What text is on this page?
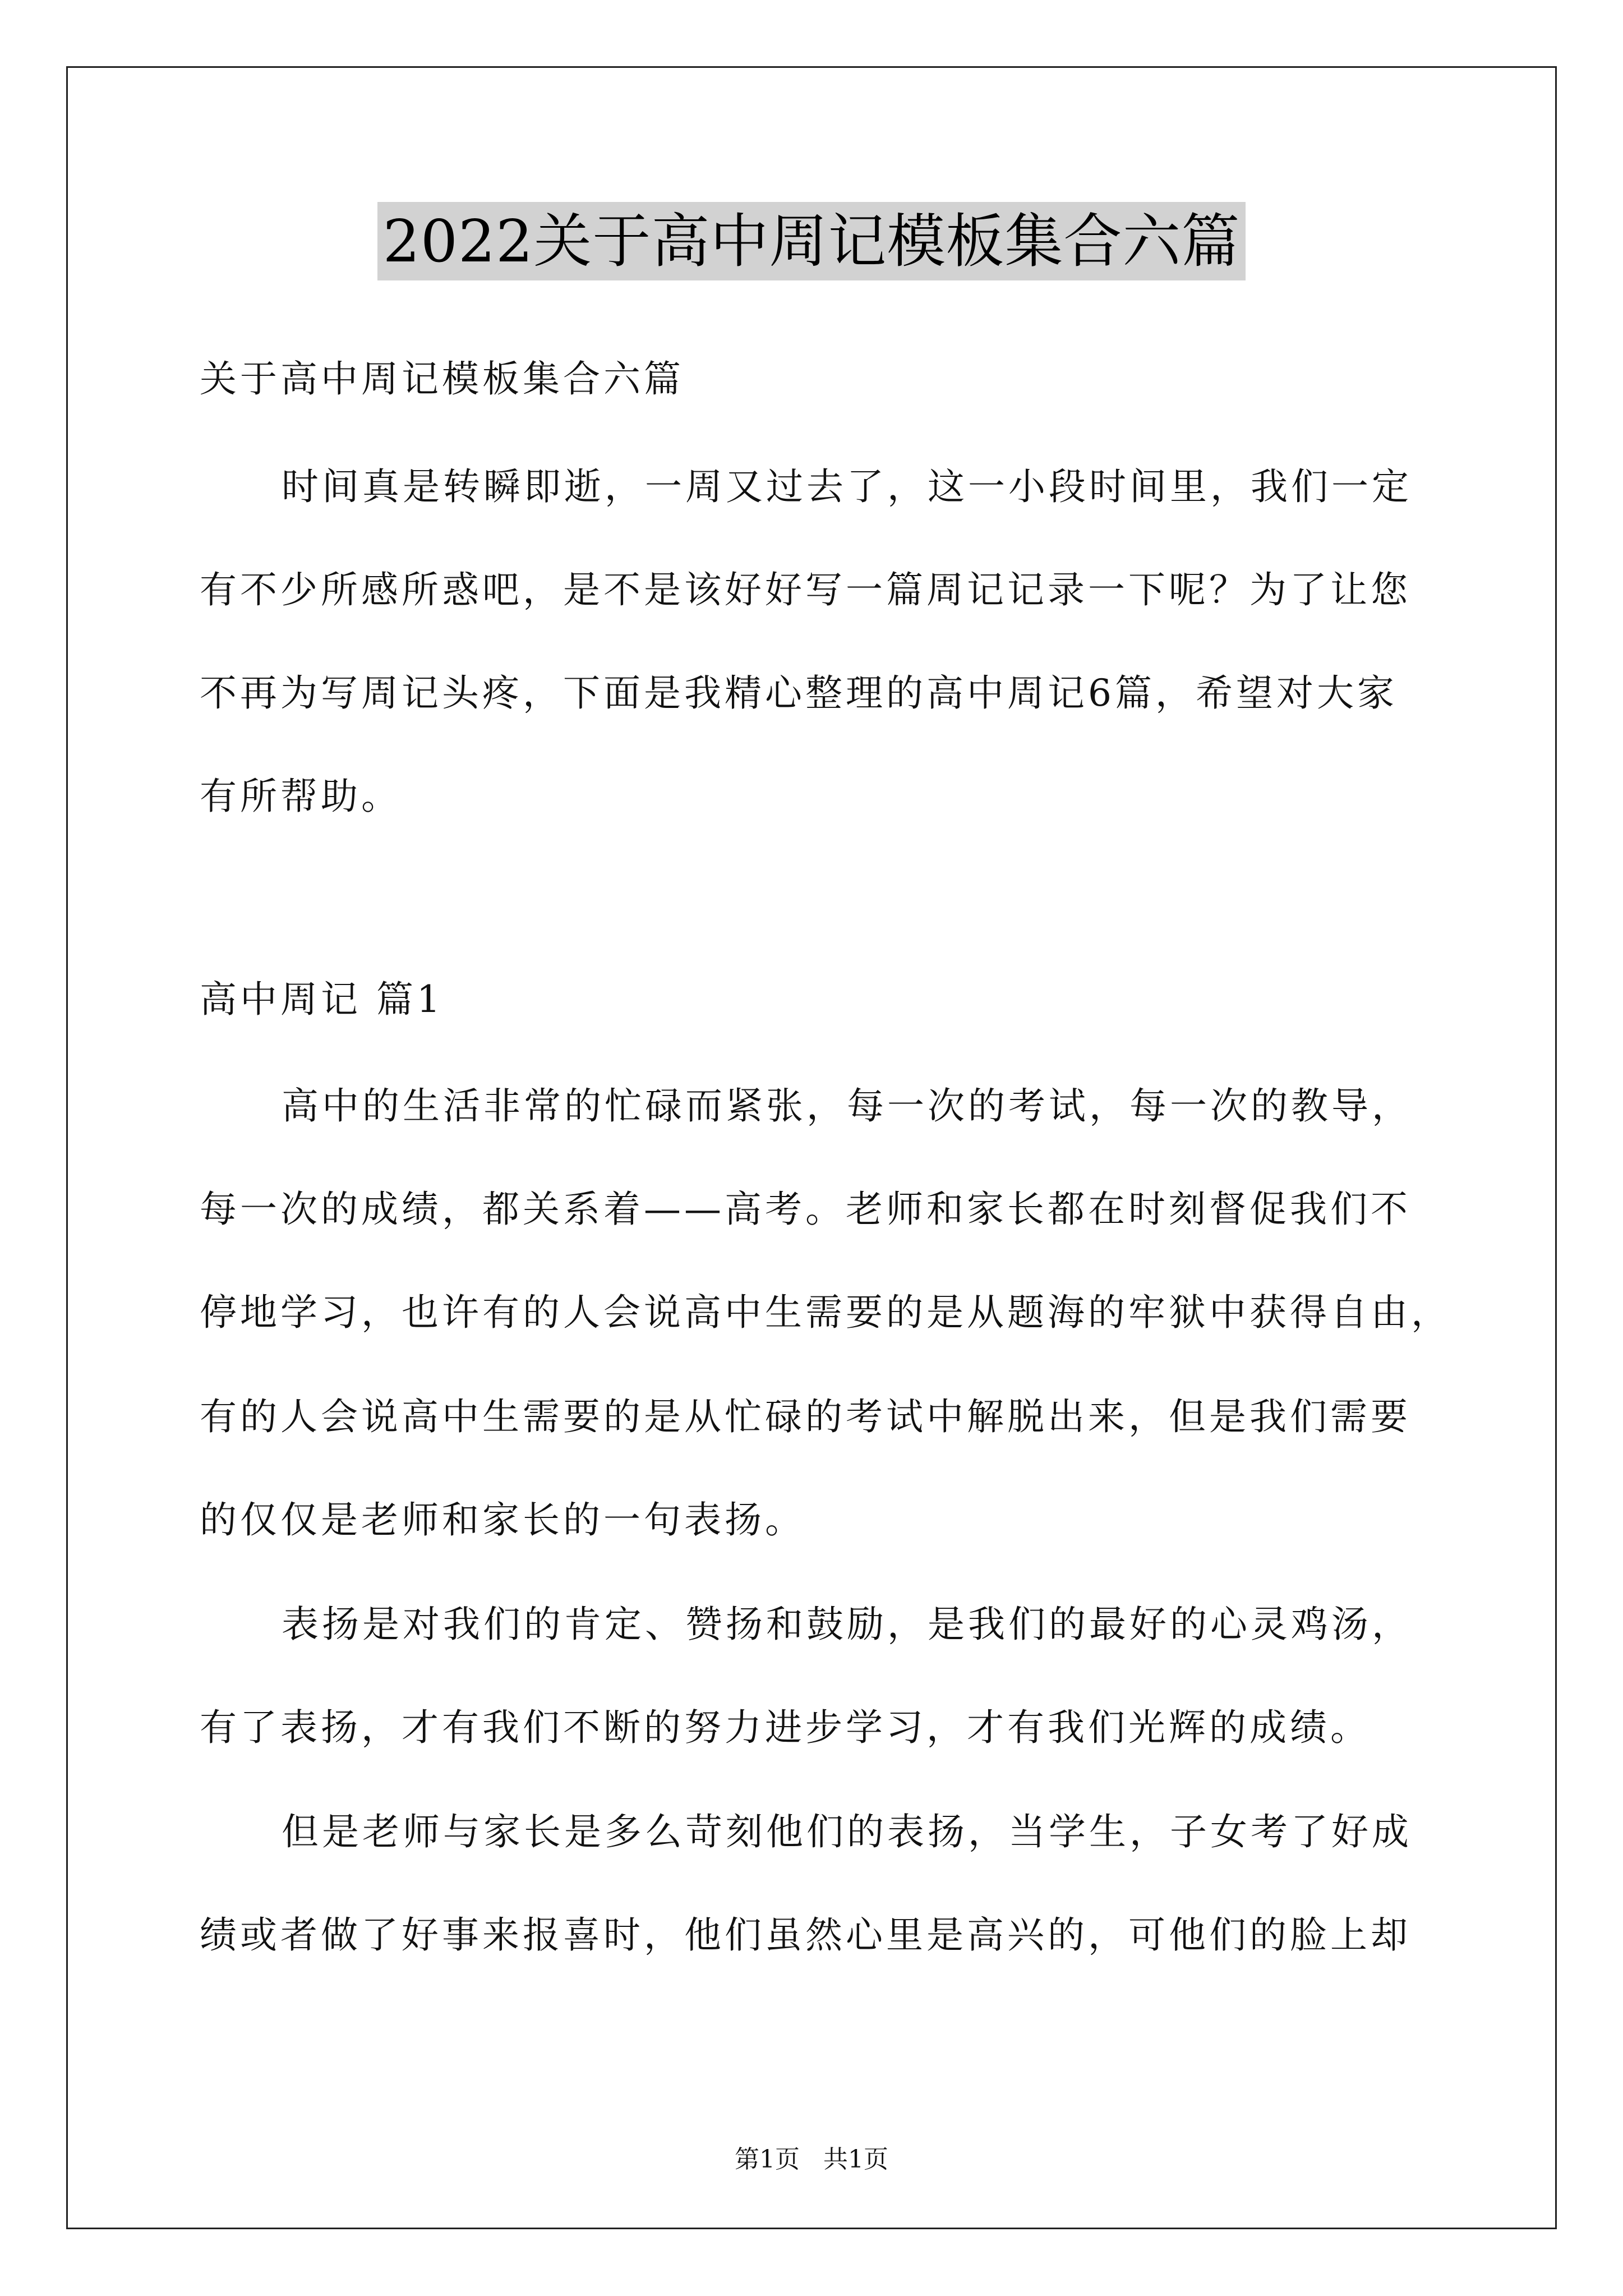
2022关于高中周记模板集合六篇
关于高中周记模板集合六篇
时间真是转瞬即逝，一周又过去了，这一小段时间里，我们一定
有不少所感所惑吧，是不是该好好写一篇周记记录一下呢？为了让您
不再为写周记头疼，下面是我精心整理的高中周记6篇，希望对大家
有所帮助。
高中周记 篇1
高中的生活非常的忙碌而紧张，每一次的考试，每一次的教导，
每一次的成绩，都关系着——高考。老师和家长都在时刻督促我们不
停地学习，也许有的人会说高中生需要的是从题海的牢狱中获得自由，
有的人会说高中生需要的是从忙碌的考试中解脱出来，但是我们需要
的仅仅是老师和家长的一句表扬。
表扬是对我们的肯定、赞扬和鼓励，是我们的最好的心灵鸡汤，
有了表扬，才有我们不断的努力进步学习，才有我们光辉的成绩。
但是老师与家长是多么苛刻他们的表扬，当学生，子女考了好成
绩或者做了好事来报喜时，他们虽然心里是高兴的，可他们的脸上却
第1页   共1页
